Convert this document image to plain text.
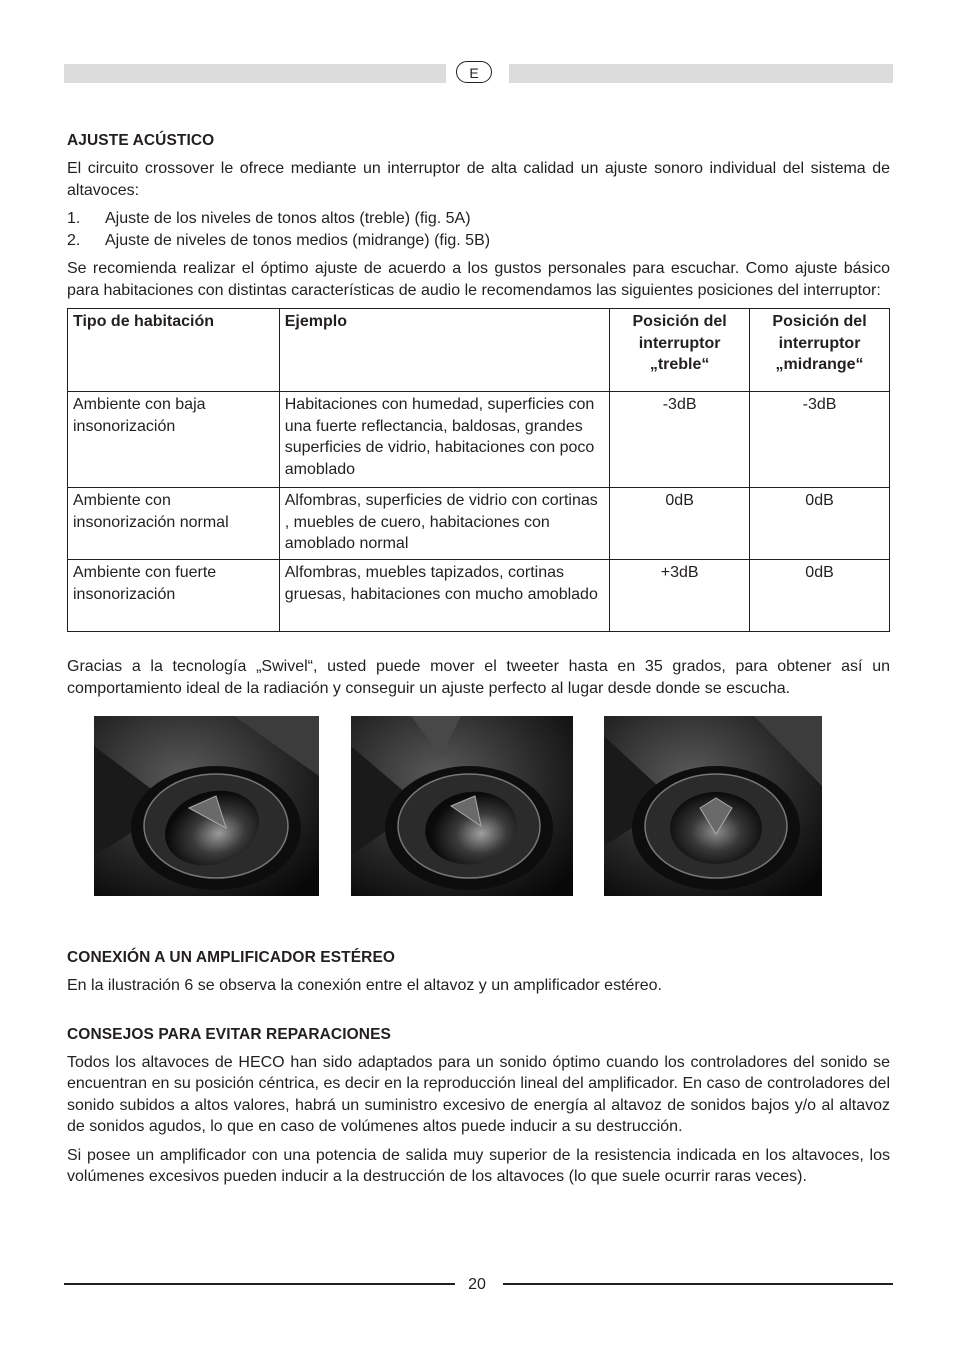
E
AJUSTE ACÚSTICO

El circuito crossover le ofrece mediante un interruptor de alta calidad un ajuste sonoro individual del sistema de altavoces:

1.	Ajuste de los niveles de tonos altos (treble) (fig. 5A)
2.	Ajuste de niveles de tonos medios (midrange) (fig. 5B)

Se recomienda realizar el óptimo ajuste de acuerdo a los gustos personales para escuchar. Como ajuste básico para habitaciones con distintas características de audio le recomendamos las siguientes posiciones del interruptor:

Tipo de habitación	Ejemplo	Posición del interruptor „treble“	Posición del interruptor „midrange“
Ambiente con baja insonorización	Habitaciones con humedad, superficies con una fuerte reflectancia, baldosas, grandes superficies de vidrio, habitaciones con poco amoblado	-3dB	-3dB
Ambiente con insonorización normal	Alfombras, superficies de vidrio con cortinas , muebles de cuero, habitaciones con amoblado normal	0dB	0dB
Ambiente con fuerte insonorización	Alfombras, muebles tapizados, cortinas gruesas, habitaciones con mucho amoblado	+3dB	0dB

Gracias a la tecnología „Swivel“, usted puede mover el tweeter hasta en 35 grados, para obtener así un comportamiento ideal de la radiación y conseguir un ajuste perfecto al lugar desde donde se escucha.

CONEXIÓN A UN AMPLIFICADOR ESTÉREO

En la ilustración 6 se observa la conexión entre el altavoz y un amplificador estéreo.

CONSEJOS PARA EVITAR REPARACIONES

Todos los altavoces de HECO han sido adaptados para un sonido óptimo cuando los controladores del sonido se encuentran en su posición céntrica, es decir en la reproducción lineal del amplificador. En caso de controladores del sonido subidos a altos valores, habrá un suministro excesivo de energía al altavoz de sonidos bajos y/o al altavoz de sonidos agudos, lo que en caso de volúmenes altos puede inducir a su destrucción.

Si posee un amplificador con una potencia de salida muy superior de la resistencia indicada en los altavoces, los volúmenes excesivos pueden inducir a la destrucción de los altavoces (lo que suele ocurrir raras veces).

20
